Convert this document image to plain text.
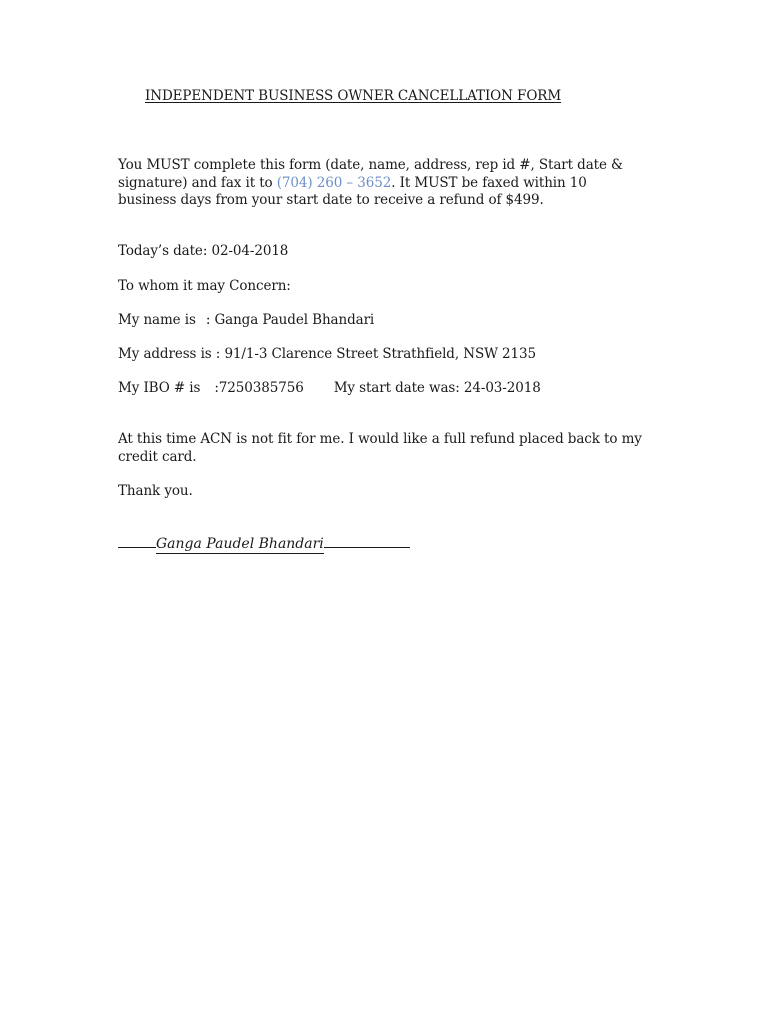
INDEPENDENT BUSINESS OWNER CANCELLATION FORM
You MUST complete this form (date, name, address, rep id #, Start date & signature) and fax it to (704) 260 – 3652. It MUST be faxed within 10 business days from your start date to receive a refund of $499.
Today’s date: 02-04-2018
To whom it may Concern:
My name is : Ganga Paudel Bhandari
My address is : 91/1-3 Clarence Street Strathfield, NSW 2135
My IBO # is :7250385756 My start date was: 24-03-2018
At this time ACN is not fit for me. I would like a full refund placed back to my credit card.
Thank you.
Ganga Paudel Bhandari
